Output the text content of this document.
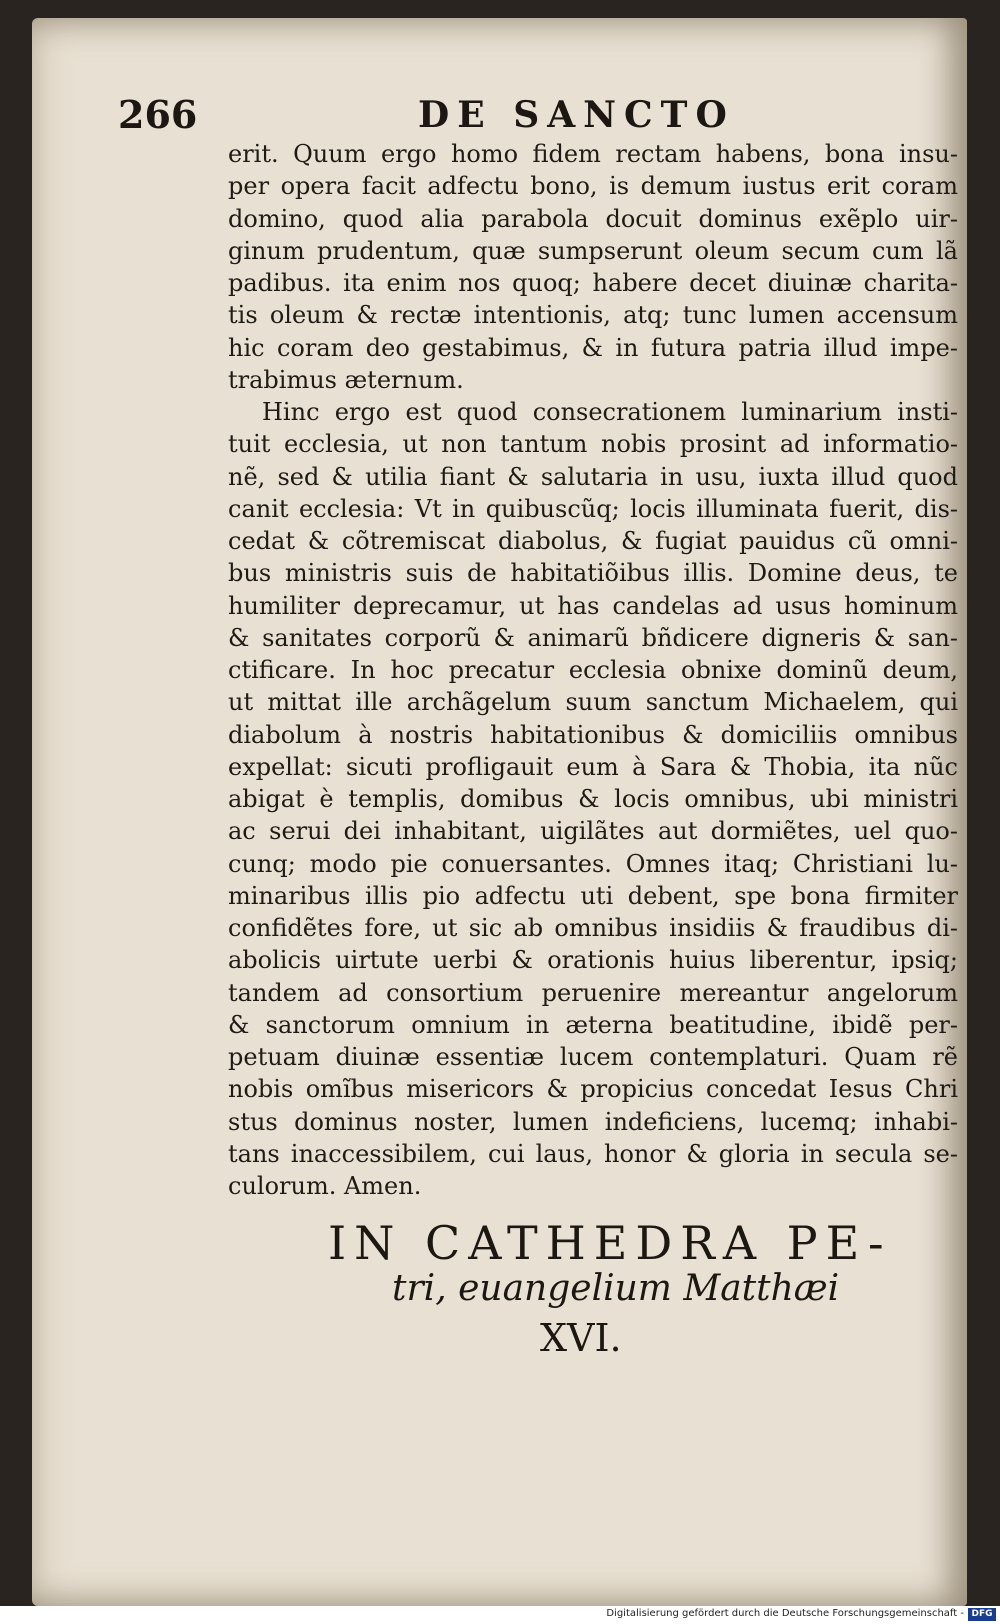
266	DE SANCTO
erit. Quum ergo homo fidem rectam habens, bona insu-
per opera facit adfectu bono, is demum iustus erit coram
domino, quod alia parabola docuit dominus exẽplo uir-
ginum prudentum, quæ sumpserunt oleum secum cum lã
padibus. ita enim nos quoq; habere decet diuinæ charita-
tis oleum & rectæ intentionis, atq; tunc lumen accensum
hic coram deo gestabimus, & in futura patria illud impe-
trabimus æternum.
Hinc ergo est quod consecrationem luminarium insti-
tuit ecclesia, ut non tantum nobis prosint ad informatio-
nẽ, sed & utilia fiant & salutaria in usu, iuxta illud quod
canit ecclesia: Vt in quibuscũq; locis illuminata fuerit, dis-
cedat & cõtremiscat diabolus, & fugiat pauidus cũ omni-
bus ministris suis de habitatiõibus illis. Domine deus, te
humiliter deprecamur, ut has candelas ad usus hominum
& sanitates corporũ & animarũ bñdicere digneris & san-
ctificare. In hoc precatur ecclesia obnixe dominũ deum,
ut mittat ille archãgelum suum sanctum Michaelem, qui
diabolum à nostris habitationibus & domiciliis omnibus
expellat: sicuti profligauit eum à Sara & Thobia, ita nũc
abigat è templis, domibus & locis omnibus, ubi ministri
ac serui dei inhabitant, uigilãtes aut dormiẽtes, uel quo-
cunq; modo pie conuersantes. Omnes itaq; Christiani lu-
minaribus illis pio adfectu uti debent, spe bona firmiter
confidẽtes fore, ut sic ab omnibus insidiis & fraudibus di-
abolicis uirtute uerbi & orationis huius liberentur, ipsiq;
tandem ad consortium peruenire mereantur angelorum
& sanctorum omnium in æterna beatitudine, ibidẽ per-
petuam diuinæ essentiæ lucem contemplaturi. Quam rẽ
nobis omĩbus misericors & propicius concedat Iesus Chri
stus dominus noster, lumen indeficiens, lucemq; inhabi-
tans inaccessibilem, cui laus, honor & gloria in secula se-
culorum. Amen.
IN CATHEDRA PE-
tri, euangelium Matthæi
XVI.
Digitalisierung gefördert durch die Deutsche Forschungsgemeinschaft - DFG
